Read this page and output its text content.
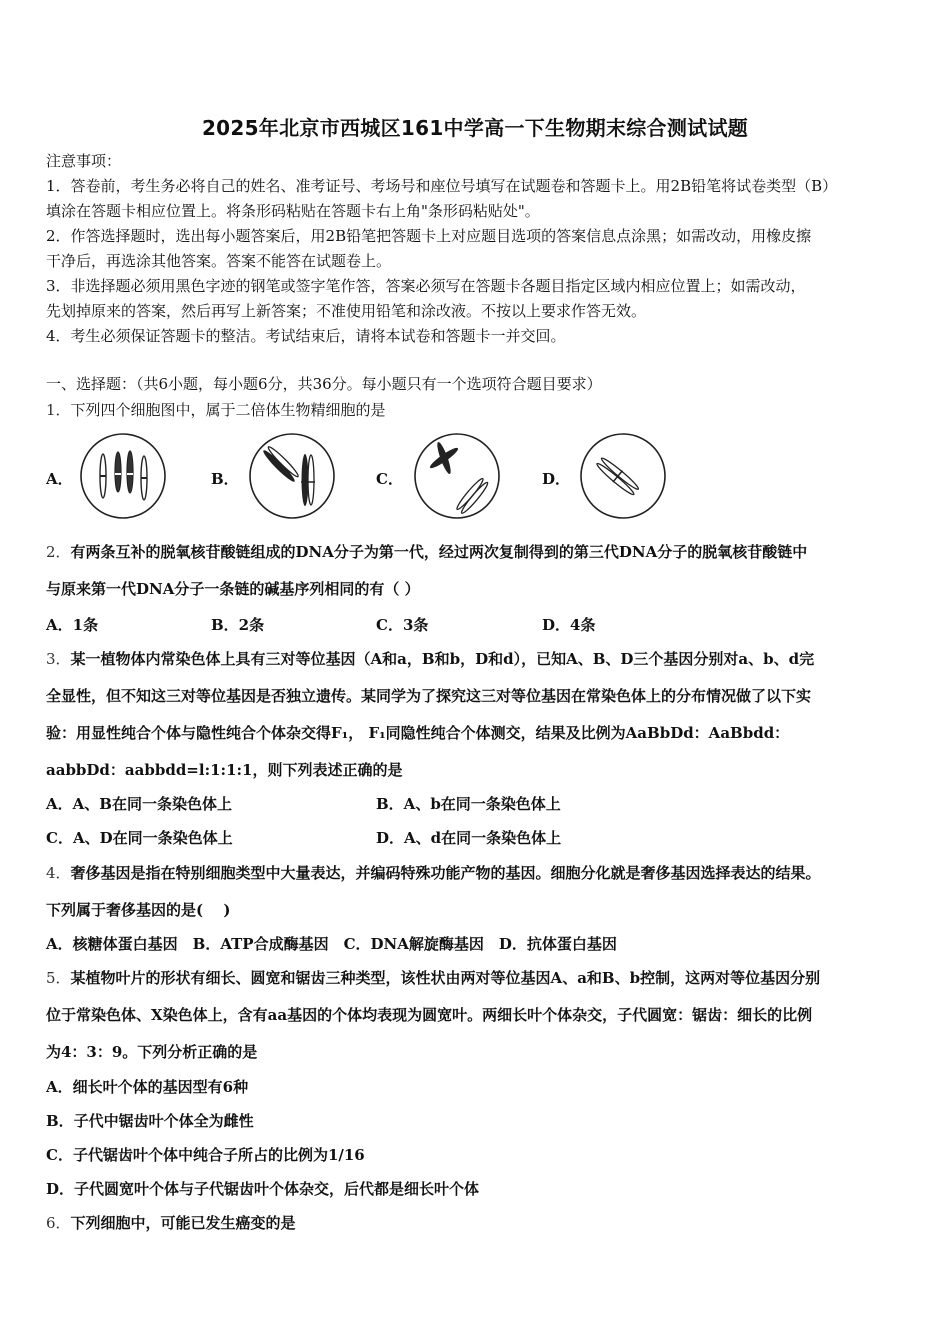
2025年北京市西城区161中学高一下生物期末综合测试试题
注意事项：
1．答卷前，考生务必将自己的姓名、准考证号、考场号和座位号填写在试题卷和答题卡上。用2B铅笔将试卷类型（B）
填涂在答题卡相应位置上。将条形码粘贴在答题卡右上角"条形码粘贴处"。
2．作答选择题时，选出每小题答案后，用2B铅笔把答题卡上对应题目选项的答案信息点涂黑；如需改动，用橡皮擦
干净后，再选涂其他答案。答案不能答在试题卷上。
3．非选择题必须用黑色字迹的钢笔或签字笔作答，答案必须写在答题卡各题目指定区域内相应位置上；如需改动，
先划掉原来的答案，然后再写上新答案；不准使用铅笔和涂改液。不按以上要求作答无效。
4．考生必须保证答题卡的整洁。考试结束后，请将本试卷和答题卡一并交回。
一、选择题：（共6小题，每小题6分，共36分。每小题只有一个选项符合题目要求）
1．下列四个细胞图中，属于二倍体生物精细胞的是
A．	B．	C．	D．
2．有两条互补的脱氧核苷酸链组成的DNA分子为第一代，经过两次复制得到的第三代DNA分子的脱氧核苷酸链中
与原来第一代DNA分子一条链的碱基序列相同的有（ ）
A．1条	B．2条	C．3条	D．4条
3．某一植物体内常染色体上具有三对等位基因（A和a，B和b，D和d），已知A、B、D三个基因分别对a、b、d完
全显性，但不知这三对等位基因是否独立遗传。某同学为了探究这三对等位基因在常染色体上的分布情况做了以下实
验：用显性纯合个体与隐性纯合个体杂交得F₁， F₁同隐性纯合个体测交，结果及比例为AaBbDd：AaBbdd：
aabbDd：aabbdd=l:1:1:1，则下列表述正确的是
A．A、B在同一条染色体上	B．A、b在同一条染色体上
C．A、D在同一条染色体上	D．A、d在同一条染色体上
4．奢侈基因是指在特别细胞类型中大量表达，并编码特殊功能产物的基因。细胞分化就是奢侈基因选择表达的结果。
下列属于奢侈基因的是(　 )
A．核糖体蛋白基因　B．ATP合成酶基因　C．DNA解旋酶基因　D．抗体蛋白基因
5．某植物叶片的形状有细长、圆宽和锯齿三种类型，该性状由两对等位基因A、a和B、b控制，这两对等位基因分别
位于常染色体、X染色体上，含有aa基因的个体均表现为圆宽叶。两细长叶个体杂交，子代圆宽：锯齿：细长的比例
为4：3：9。下列分析正确的是
A．细长叶个体的基因型有6种
B．子代中锯齿叶个体全为雌性
C．子代锯齿叶个体中纯合子所占的比例为1/16
D．子代圆宽叶个体与子代锯齿叶个体杂交，后代都是细长叶个体
6．下列细胞中，可能已发生癌变的是
